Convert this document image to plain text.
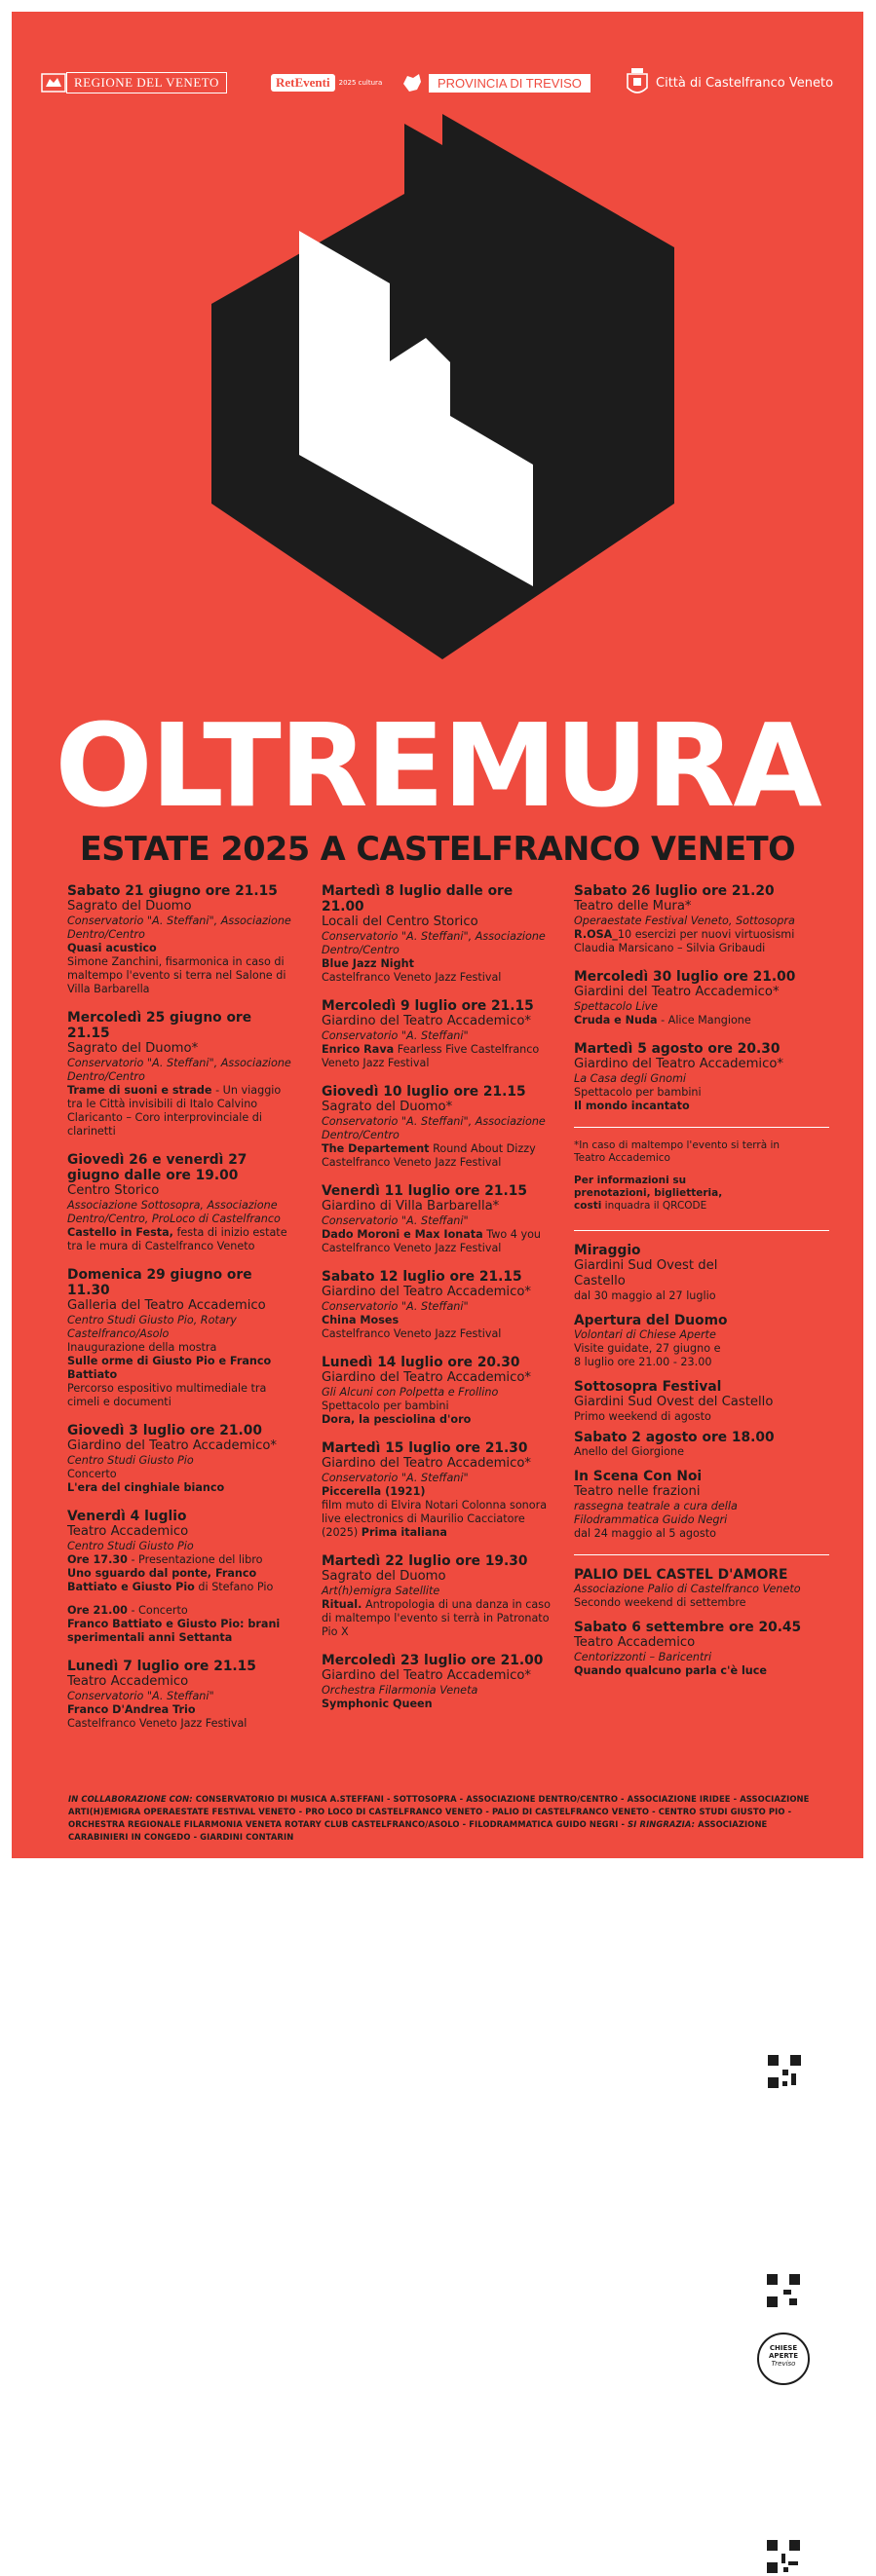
REGIONE DEL VENETO	RetEventi	2025 cultura	PROVINCIA DI TREVISO	Città di Castelfranco Veneto
OLTREMURA
ESTATE 2025 A CASTELFRANCO VENETO
Sabato 21 giugno ore 21.15
Sagrato del Duomo
Conservatorio "A. Steffani", Associazione Dentro/Centro
Quasi acustico
Simone Zanchini, fisarmonica in caso di maltempo l'evento si terra nel Salone di Villa Barbarella
Mercoledì 25 giugno ore 21.15
Sagrato del Duomo*
Conservatorio "A. Steffani", Associazione Dentro/Centro
Trame di suoni e strade - Un viaggio tra le Città invisibili di Italo Calvino Claricanto – Coro interprovinciale di clarinetti
Giovedì 26 e venerdì 27 giugno dalle ore 19.00
Centro Storico
Associazione Sottosopra, Associazione Dentro/Centro, ProLoco di Castelfranco
Castello in Festa, festa di inizio estate tra le mura di Castelfranco Veneto
Domenica 29 giugno ore 11.30
Galleria del Teatro Accademico
Centro Studi Giusto Pio, Rotary Castelfranco/Asolo
Inaugurazione della mostra
Sulle orme di Giusto Pio e Franco Battiato
Percorso espositivo multimediale tra cimeli e documenti
Giovedì 3 luglio ore 21.00
Giardino del Teatro Accademico*
Centro Studi Giusto Pio
Concerto
L'era del cinghiale bianco
Venerdì 4 luglio
Teatro Accademico
Centro Studi Giusto Pio
Ore 17.30 - Presentazione del libro
Uno sguardo dal ponte, Franco Battiato e Giusto Pio di Stefano Pio
Ore 21.00 - Concerto
Franco Battiato e Giusto Pio: brani sperimentali anni Settanta
Lunedì 7 luglio ore 21.15
Teatro Accademico
Conservatorio "A. Steffani"
Franco D'Andrea Trio
Castelfranco Veneto Jazz Festival
Martedì 8 luglio dalle ore 21.00
Locali del Centro Storico
Conservatorio "A. Steffani", Associazione Dentro/Centro
Blue Jazz Night
Castelfranco Veneto Jazz Festival
Mercoledì 9 luglio ore 21.15
Giardino del Teatro Accademico*
Conservatorio "A. Steffani"
Enrico Rava Fearless Five Castelfranco Veneto Jazz Festival
Giovedì 10 luglio ore 21.15
Sagrato del Duomo*
Conservatorio "A. Steffani", Associazione Dentro/Centro
The Departement Round About Dizzy Castelfranco Veneto Jazz Festival
Venerdì 11 luglio ore 21.15
Giardino di Villa Barbarella*
Conservatorio "A. Steffani"
Dado Moroni e Max Ionata Two 4 you Castelfranco Veneto Jazz Festival
Sabato 12 luglio ore 21.15
Giardino del Teatro Accademico*
Conservatorio "A. Steffani"
China Moses
Castelfranco Veneto Jazz Festival
Lunedì 14 luglio ore 20.30
Giardino del Teatro Accademico*
Gli Alcuni con Polpetta e Frollino
Spettacolo per bambini
Dora, la pesciolina d'oro
Martedì 15 luglio ore 21.30
Giardino del Teatro Accademico*
Conservatorio "A. Steffani"
Piccerella (1921)
film muto di Elvira Notari Colonna sonora live electronics di Maurilio Cacciatore (2025) Prima italiana
Martedì 22 luglio ore 19.30
Sagrato del Duomo
Art(h)emigra Satellite
Ritual. Antropologia di una danza in caso di maltempo l'evento si terrà in Patronato Pio X
Mercoledì 23 luglio ore 21.00
Giardino del Teatro Accademico*
Orchestra Filarmonia Veneta
Symphonic Queen
Sabato 26 luglio ore 21.20
Teatro delle Mura*
Operaestate Festival Veneto, Sottosopra
R.OSA_10 esercizi per nuovi virtuosismi Claudia Marsicano – Silvia Gribaudi
Mercoledì 30 luglio ore 21.00
Giardini del Teatro Accademico*
Spettacolo Live
Cruda e Nuda - Alice Mangione
Martedì 5 agosto ore 20.30
Giardino del Teatro Accademico*
La Casa degli Gnomi
Spettacolo per bambini
Il mondo incantato
*In caso di maltempo l'evento si terrà in Teatro Accademico
Per informazioni su prenotazioni, biglietteria, costi inquadra il QRCODE
Miraggio
Giardini Sud Ovest del Castello
dal 30 maggio al 27 luglio
Apertura del Duomo
Volontari di Chiese Aperte
Visite guidate, 27 giugno e 8 luglio ore 21.00 - 23.00
Sottosopra Festival
Giardini Sud Ovest del Castello
Primo weekend di agosto
Sabato 2 agosto ore 18.00
Anello del Giorgione
In Scena Con Noi
Teatro nelle frazioni
rassegna teatrale a cura della Filodrammatica Guido Negri
dal 24 maggio al 5 agosto
CHIESE
APERTE
Treviso
PALIO DEL CASTEL D'AMORE
Associazione Palio di Castelfranco Veneto
Secondo weekend di settembre
Sabato 6 settembre ore 20.45
Teatro Accademico
Centorizzonti – Baricentri
Quando qualcuno parla c'è luce
IN COLLABORAZIONE CON: CONSERVATORIO DI MUSICA A.STEFFANI - SOTTOSOPRA - ASSOCIAZIONE DENTRO/CENTRO - ASSOCIAZIONE IRIDEE - ASSOCIAZIONE ARTI(H)EMIGRA OPERAESTATE FESTIVAL VENETO - PRO LOCO DI CASTELFRANCO VENETO - PALIO DI CASTELFRANCO VENETO - CENTRO STUDI GIUSTO PIO - ORCHESTRA REGIONALE FILARMONIA VENETA ROTARY CLUB CASTELFRANCO/ASOLO - FILODRAMMATICA GUIDO NEGRI - SI RINGRAZIA: ASSOCIAZIONE CARABINIERI IN CONGEDO - GIARDINI CONTARIN
